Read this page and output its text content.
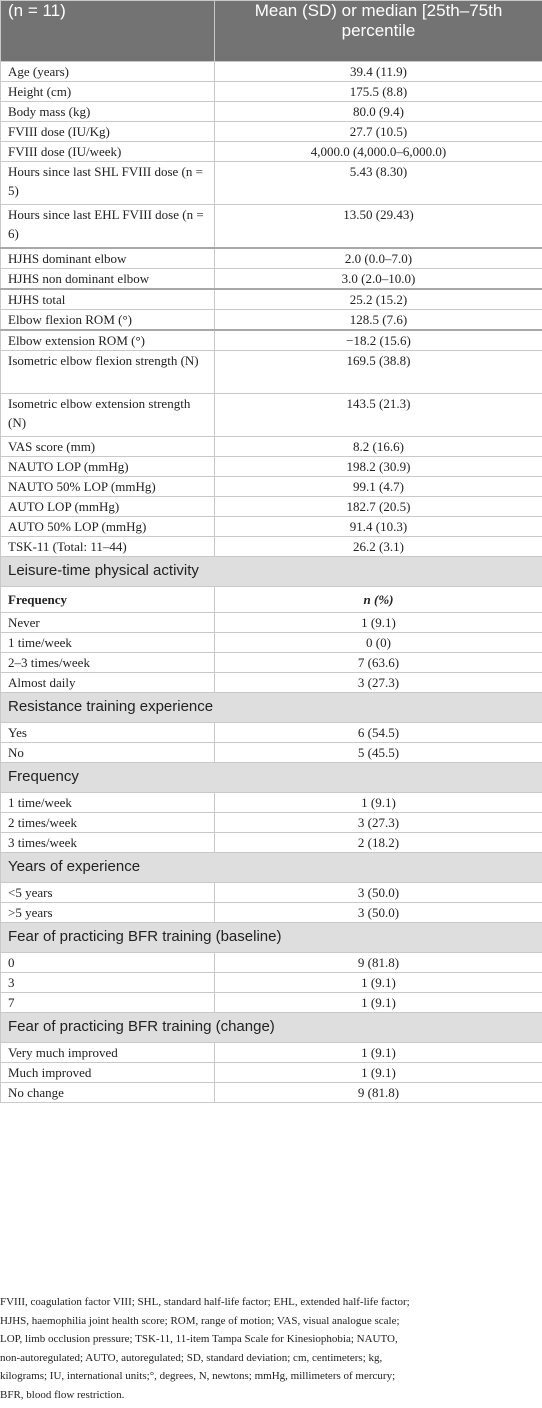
(n = 11)	Mean (SD) or median [25th–75th percentile
Age (years)	39.4 (11.9)
Height (cm)	175.5 (8.8)
Body mass (kg)	80.0 (9.4)
FVIII dose (IU/Kg)	27.7 (10.5)
FVIII dose (IU/week)	4,000.0 (4,000.0–6,000.0)
Hours since last SHL FVIII dose (n = 5)	5.43 (8.30)
Hours since last EHL FVIII dose (n = 6)	13.50 (29.43)
HJHS dominant elbow	2.0 (0.0–7.0)
HJHS non dominant elbow	3.0 (2.0–10.0)
HJHS total	25.2 (15.2)
Elbow flexion ROM (°)	128.5 (7.6)
Elbow extension ROM (°)	−18.2 (15.6)
Isometric elbow flexion strength (N)	169.5 (38.8)
Isometric elbow extension strength (N)	143.5 (21.3)
VAS score (mm)	8.2 (16.6)
NAUTO LOP (mmHg)	198.2 (30.9)
NAUTO 50% LOP (mmHg)	99.1 (4.7)
AUTO LOP (mmHg)	182.7 (20.5)
AUTO 50% LOP (mmHg)	91.4 (10.3)
TSK-11 (Total: 11–44)	26.2 (3.1)
Leisure-time physical activity	
Frequency	n (%)
Never	1 (9.1)
1 time/week	0 (0)
2–3 times/week	7 (63.6)
Almost daily	3 (27.3)
Resistance training experience	
Yes	6 (54.5)
No	5 (45.5)
Frequency	
1 time/week	1 (9.1)
2 times/week	3 (27.3)
3 times/week	2 (18.2)
Years of experience	
<5 years	3 (50.0)
>5 years	3 (50.0)
Fear of practicing BFR training (baseline)	
0	9 (81.8)
3	1 (9.1)
7	1 (9.1)
Fear of practicing BFR training (change)	
Very much improved	1 (9.1)
Much improved	1 (9.1)
No change	9 (81.8)
FVIII, coagulation factor VIII; SHL, standard half-life factor; EHL, extended half-life factor;
HJHS, haemophilia joint health score; ROM, range of motion; VAS, visual analogue scale;
LOP, limb occlusion pressure; TSK-11, 11-item Tampa Scale for Kinesiophobia; NAUTO,
non-autoregulated; AUTO, autoregulated; SD, standard deviation; cm, centimeters; kg,
kilograms; IU, international units;°, degrees, N, newtons; mmHg, millimeters of mercury;
BFR, blood flow restriction.
